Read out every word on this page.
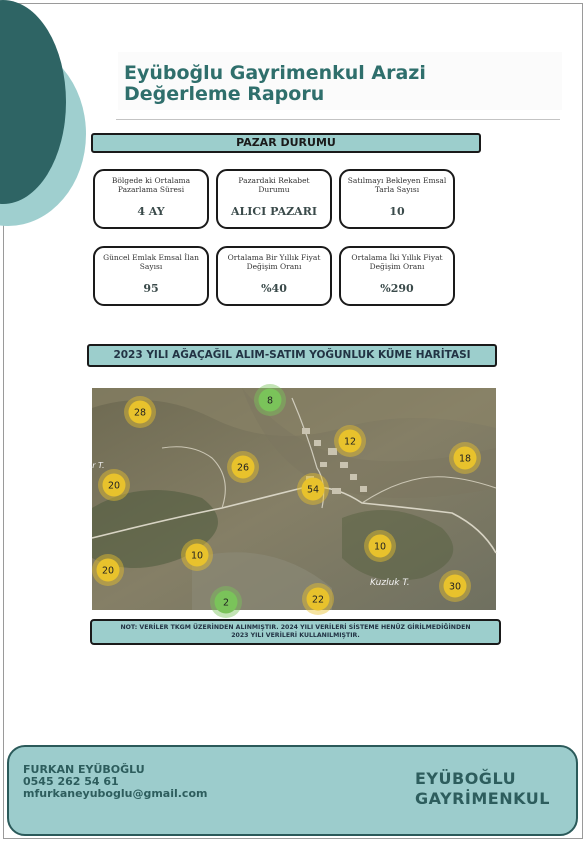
Eyüboğlu Gayrimenkul Arazi
Değerleme Raporu
PAZAR DURUMU
Bölgede ki Ortalama Pazarlama Süresi
4 AY
Pazardaki Rekabet Durumu
ALICI PAZARI
Satılmayı Bekleyen Emsal Tarla Sayısı
10
Güncel Emlak Emsal İlan Sayısı
95
Ortalama Bir Yıllık Fiyat Değişim Oranı
%40
Ortalama İki Yıllık Fiyat Değişim Oranı
%290
2023 YILI AĞAÇAĞIL ALIM-SATIM YOĞUNLUK KÜME HARİTASI
Kuzluk T.
ır T.
28
8
12
18
26
20	54
10
10
20
30
2	22
NOT: VERİLER TKGM ÜZERİNDEN ALINMIŞTIR. 2024 YILI VERİLERİ SİSTEME HENÜZ GİRİLMEDİĞİNDEN
2023 YILI VERİLERİ KULLANILMIŞTIR.
FURKAN EYÜBOĞLU
0545 262 54 61
mfurkaneyuboglu@gmail.com
EYÜBOĞLU
GAYRİMENKUL
